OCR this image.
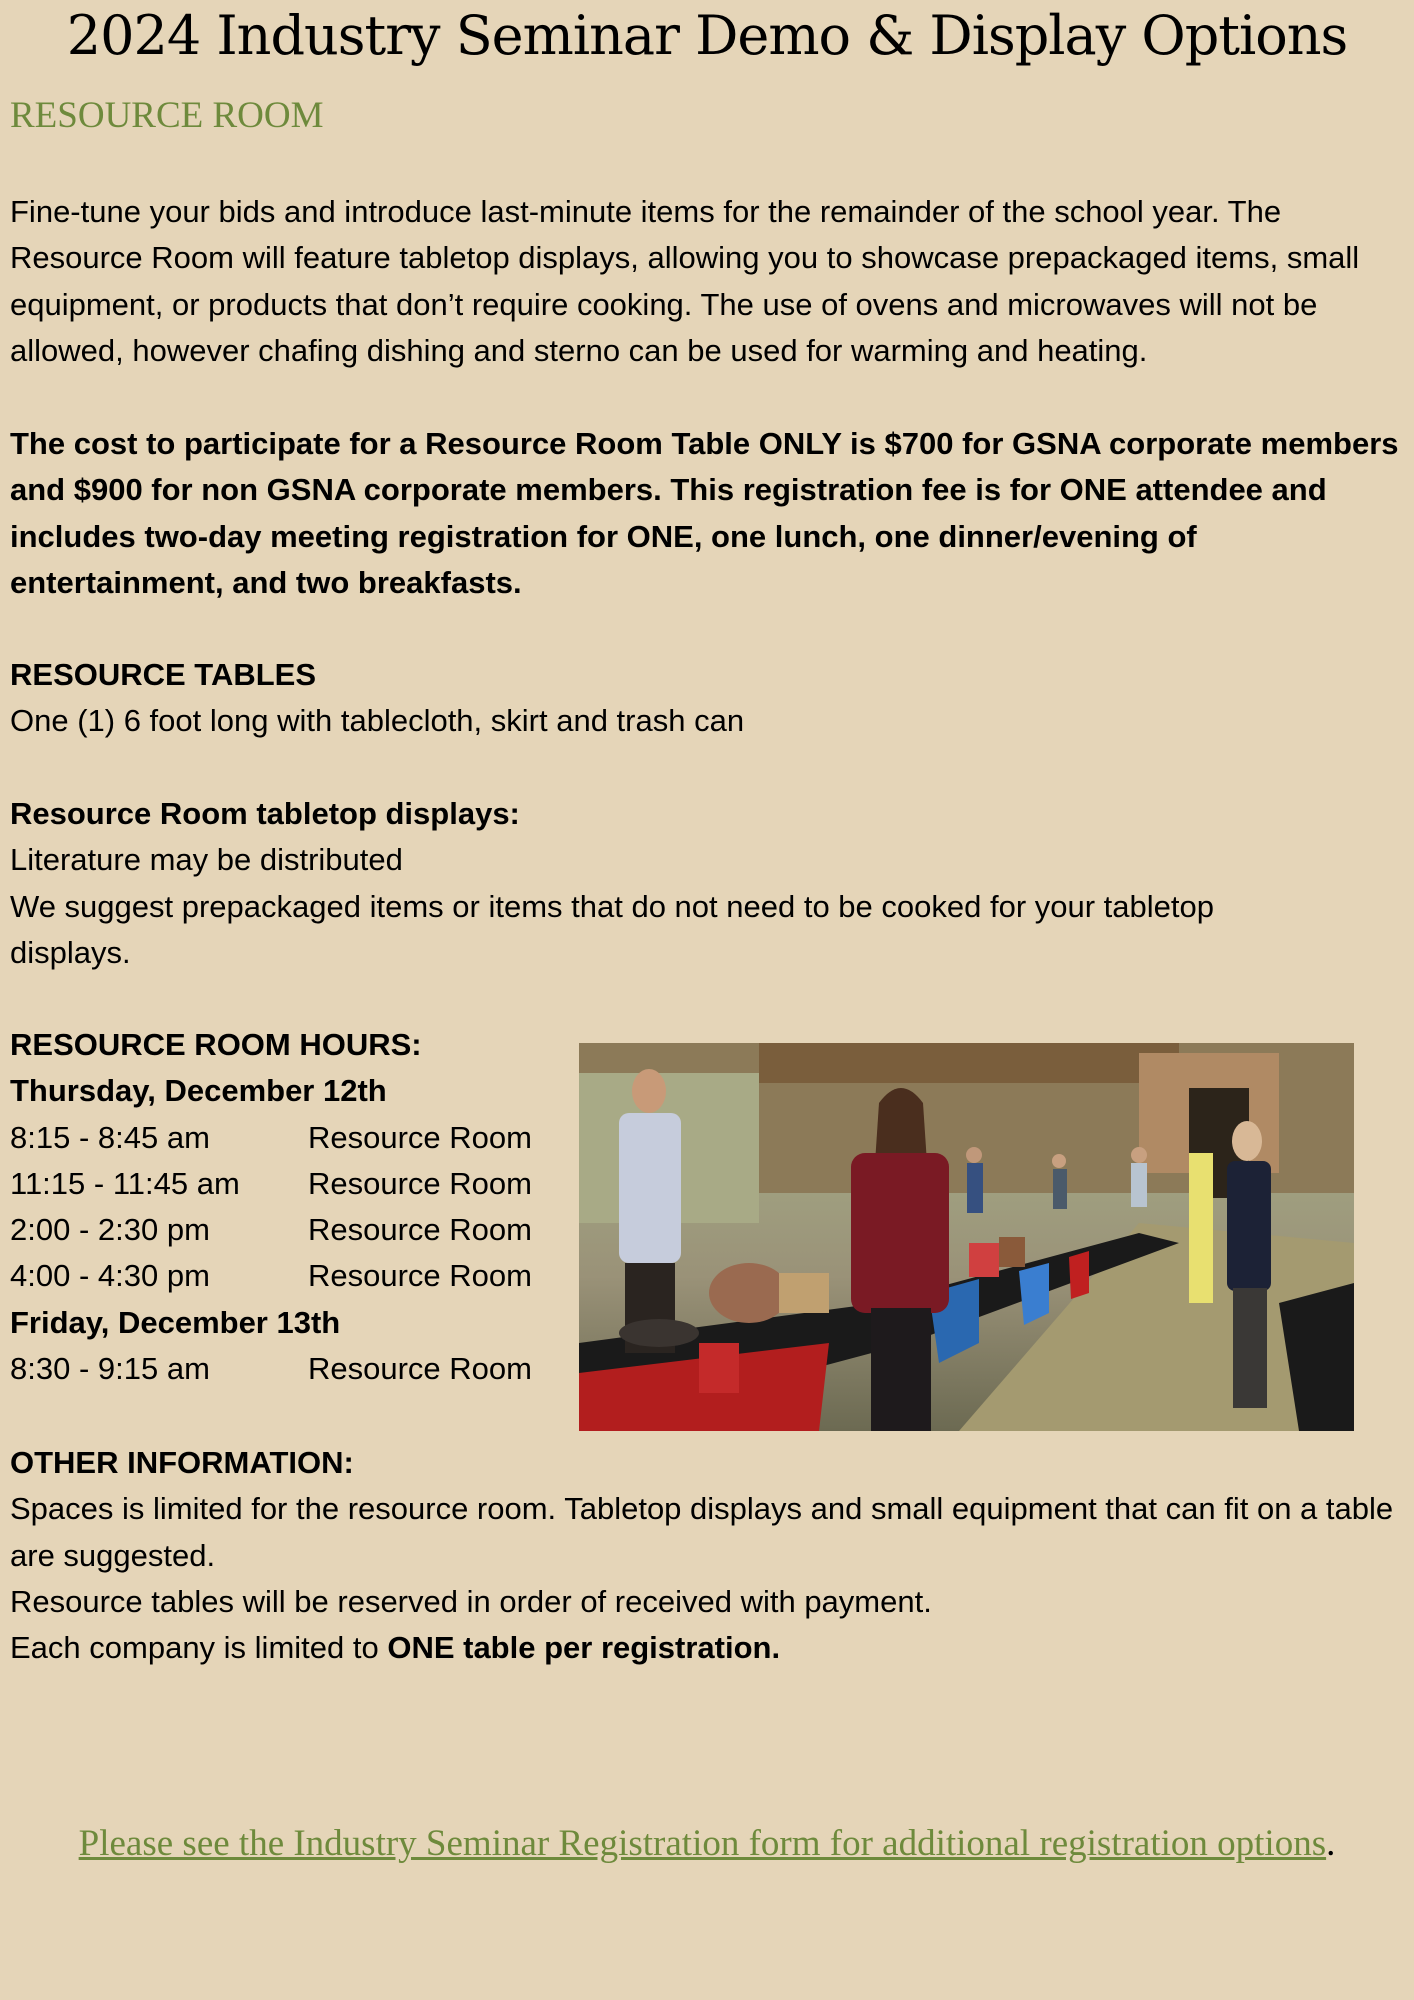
2024 Industry Seminar Demo & Display Options
RESOURCE ROOM

Fine-tune your bids and introduce last-minute items for the remainder of the school year. The Resource Room will feature tabletop displays, allowing you to showcase prepackaged items, small equipment, or products that don’t require cooking. The use of ovens and microwaves will not be allowed, however chafing dishing and sterno can be used for warming and heating.

The cost to participate for a Resource Room Table ONLY is $700 for GSNA corporate members and $900 for non GSNA corporate members. This registration fee is for ONE attendee and includes two-day meeting registration for ONE, one lunch, one dinner/evening of entertainment, and two breakfasts.

RESOURCE TABLES

One (1) 6 foot long with tablecloth, skirt and trash can

Resource Room tabletop displays:

Literature may be distributed

We suggest prepackaged items or items that do not need to be cooked for your tabletop displays.

RESOURCE ROOM HOURS:

Thursday, December 12th

8:15 - 8:45 am	Resource Room
11:15 - 11:45 am	Resource Room
2:00 - 2:30 pm	Resource Room
4:00 - 4:30 pm	Resource Room

Friday, December 13th

8:30 - 9:15 am	Resource Room

OTHER INFORMATION:

Spaces is limited for the resource room. Tabletop displays and small equipment that can fit on a table are suggested.

Resource tables will be reserved in order of received with payment.

Each company is limited to ONE table per registration.

Please see the Industry Seminar Registration form for additional registration options.
